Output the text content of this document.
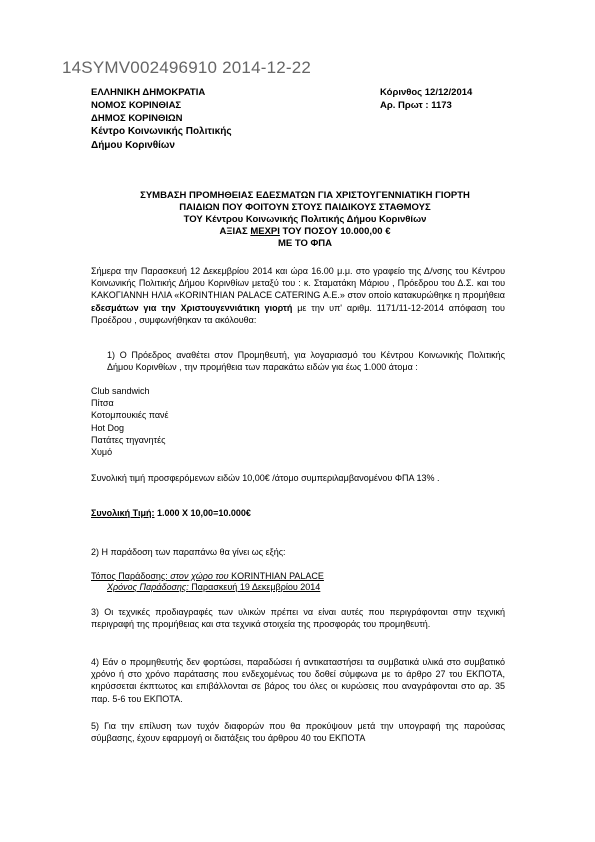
14SYMV002496910 2014-12-22
ΕΛΛΗΝΙΚΗ ΔΗΜΟΚΡΑΤΙΑ
ΝΟΜΟΣ ΚΟΡΙΝΘΙΑΣ
ΔΗΜΟΣ ΚΟΡΙΝΘΙΩΝ
Κέντρο Κοινωνικής Πολιτικής
Δήμου Κορινθίων
Κόρινθος 12/12/2014
Αρ. Πρωτ : 1173
ΣΥΜΒΑΣΗ ΠΡΟΜΗΘΕΙΑΣ ΕΔΕΣΜΑΤΩΝ ΓΙΑ ΧΡΙΣΤΟΥΓΕΝΝΙΑΤΙΚΗ ΓΙΟΡΤΗ
ΠΑΙΔΙΩΝ ΠΟΥ ΦΟΙΤΟΥΝ ΣΤΟΥΣ ΠΑΙΔΙΚΟΥΣ ΣΤΑΘΜΟΥΣ
ΤΟΥ Κέντρου Κοινωνικής Πολιτικής Δήμου Κορινθίων
ΑΞΙΑΣ ΜΕΧΡΙ ΤΟΥ ΠΟΣΟΥ 10.000,00 €
ΜΕ ΤΟ ΦΠΑ
Σήμερα την Παρασκευή 12 Δεκεμβρίου 2014 και ώρα 16.00 μ.μ. στο γραφείο της Δ/νσης του Κέντρου Κοινωνικής Πολιτικής Δήμου Κορινθίων μεταξύ του : κ. Σταματάκη Μάριου , Πρόεδρου του Δ.Σ. και του ΚΑΚΟΓΙΑΝΝΗ ΗΛΙΑ «KORINTHIAN PALACE CATERING Α.Ε.» στον οποίο κατακυρώθηκε η προμήθεια εδεσμάτων για την Χριστουγεννιάτικη γιορτή με την υπ' αριθμ. 1171/11-12-2014 απόφαση του Προέδρου , συμφωνήθηκαν τα ακόλουθα:
1) Ο Πρόεδρος αναθέτει στον Προμηθευτή, για λογαριασμό του Κέντρου Κοινωνικής Πολιτικής Δήμου Κορινθίων , την προμήθεια των παρακάτω ειδών για έως 1.000 άτομα :
Club sandwich
Πίτσα
Κοτομπουκιές πανέ
Hot Dog
Πατάτες τηγανητές
Χυμό
Συνολική τιμή προσφερόμενων ειδών 10,00€ /άτομο συμπεριλαμβανομένου ΦΠΑ 13% .
Συνολική Τιμή: 1.000 Χ 10,00=10.000€
2) Η παράδοση των παραπάνω θα γίνει ως εξής:
Τόπος Παράδοσης: στον χώρο του KORINTHIAN PALACE
Χρόνος Παράδοσης: Παρασκευή 19 Δεκεμβρίου 2014
3) Οι τεχνικές προδιαγραφές των υλικών πρέπει να είναι αυτές που περιγράφονται στην τεχνική περιγραφή της προμήθειας και στα τεχνικά στοιχεία της προσφοράς του προμηθευτή.
4) Εάν ο προμηθευτής δεν φορτώσει, παραδώσει ή αντικαταστήσει τα συμβατικά υλικά στο συμβατικό χρόνο ή στο χρόνο παράτασης που ενδεχομένως του δοθεί σύμφωνα με το άρθρο 27 του ΕΚΠΟΤΑ, κηρύσσεται έκπτωτος και επιβάλλονται σε βάρος του όλες οι κυρώσεις που αναγράφονται στο αρ. 35 παρ. 5-6 του ΕΚΠΟΤΑ.
5) Για την επίλυση των τυχόν διαφορών που θα προκύψουν μετά την υπογραφή της παρούσας σύμβασης, έχουν εφαρμογή οι διατάξεις του άρθρου 40 του ΕΚΠΟΤΑ
